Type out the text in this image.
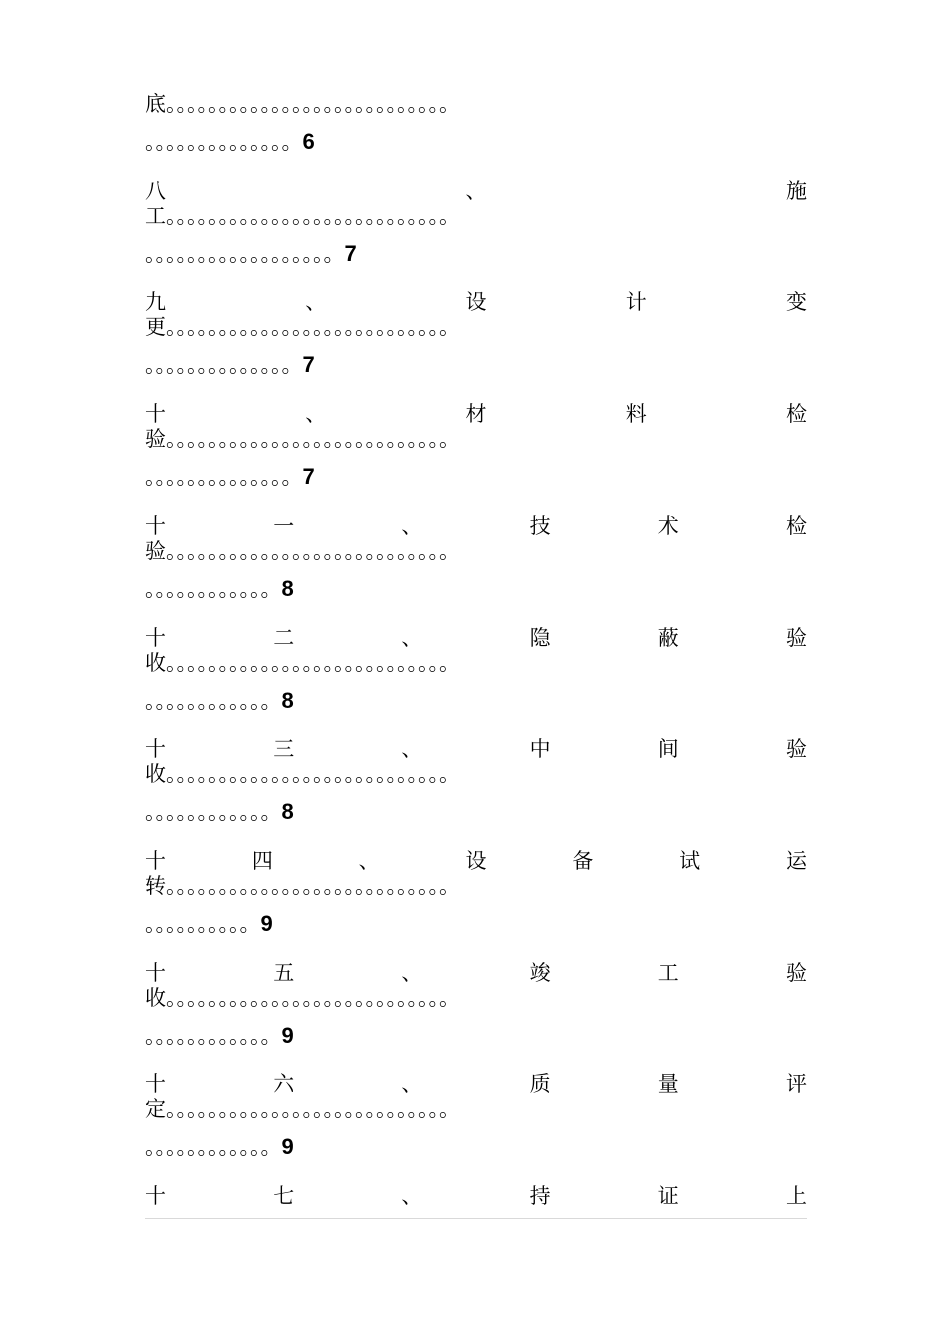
底。。。。。。。。。。。。。。。。。。。。。。。。。。。
。。。。。。。。。。。。。。6
八	、	施
工。。。。。。。。。。。。。。。。。。。。。。。。。。。
。。。。。。。。。。。。。。。。。。7
九	、	设	计	变
更。。。。。。。。。。。。。。。。。。。。。。。。。。。
。。。。。。。。。。。。。。7
十	、	材	料	检
验。。。。。。。。。。。。。。。。。。。。。。。。。。。
。。。。。。。。。。。。。。7
十	一	、	技	术	检
验。。。。。。。。。。。。。。。。。。。。。。。。。。。
。。。。。。。。。。。。8
十	二	、	隐	蔽	验
收。。。。。。。。。。。。。。。。。。。。。。。。。。。
。。。。。。。。。。。。8
十	三	、	中	间	验
收。。。。。。。。。。。。。。。。。。。。。。。。。。。
。。。。。。。。。。。。8
十	四	、	设	备	试	运
转。。。。。。。。。。。。。。。。。。。。。。。。。。。
。。。。。。。。。。9
十	五	、	竣	工	验
收。。。。。。。。。。。。。。。。。。。。。。。。。。。
。。。。。。。。。。。。9
十	六	、	质	量	评
定。。。。。。。。。。。。。。。。。。。。。。。。。。。
。。。。。。。。。。。。9
十	七	、	持	证	上
